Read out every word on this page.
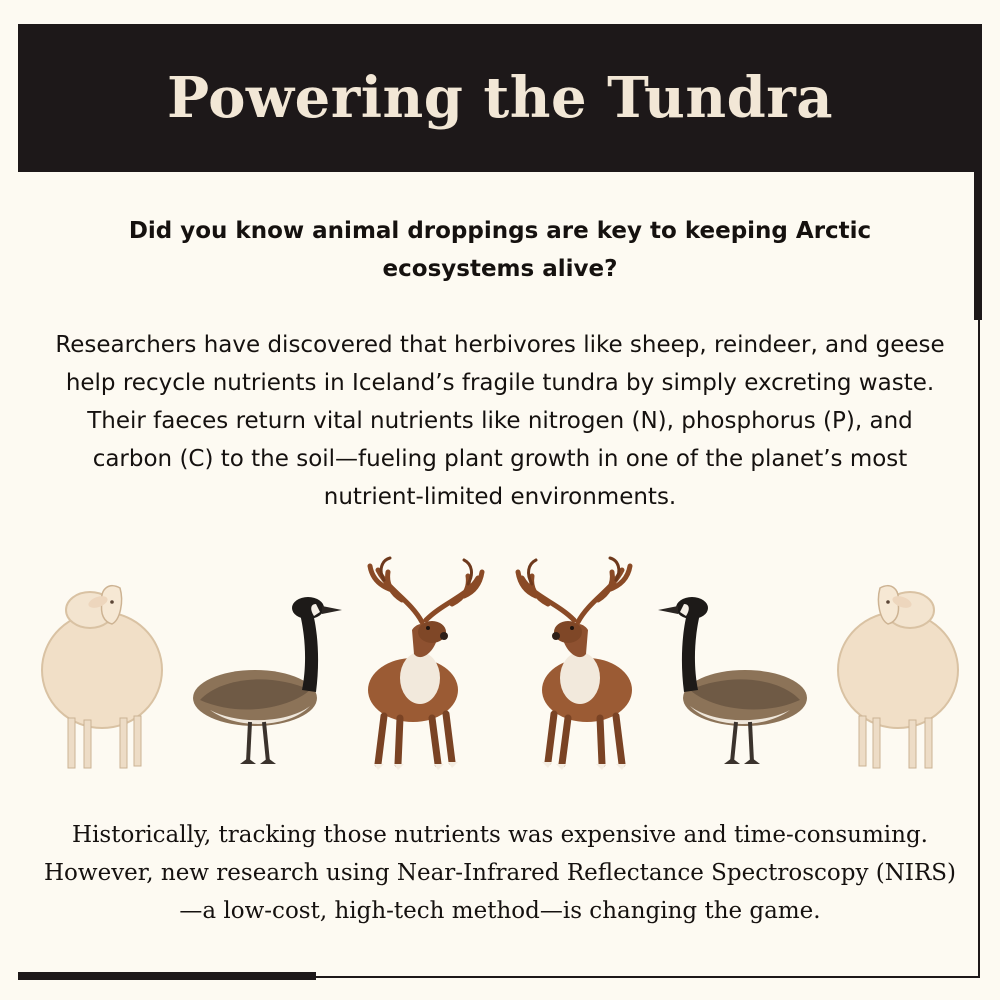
Powering the Tundra

Did you know animal droppings are key to keeping Arctic ecosystems alive?

Researchers have discovered that herbivores like sheep, reindeer, and geese help recycle nutrients in Iceland’s fragile tundra by simply excreting waste. Their faeces return vital nutrients like nitrogen (N), phosphorus (P), and carbon (C) to the soil—fueling plant growth in one of the planet’s most nutrient-limited environments.

Historically, tracking those nutrients was expensive and time-consuming. However, new research using Near-Infrared Reflectance Spectroscopy (NIRS)—a low-cost, high-tech method—is changing the game.
